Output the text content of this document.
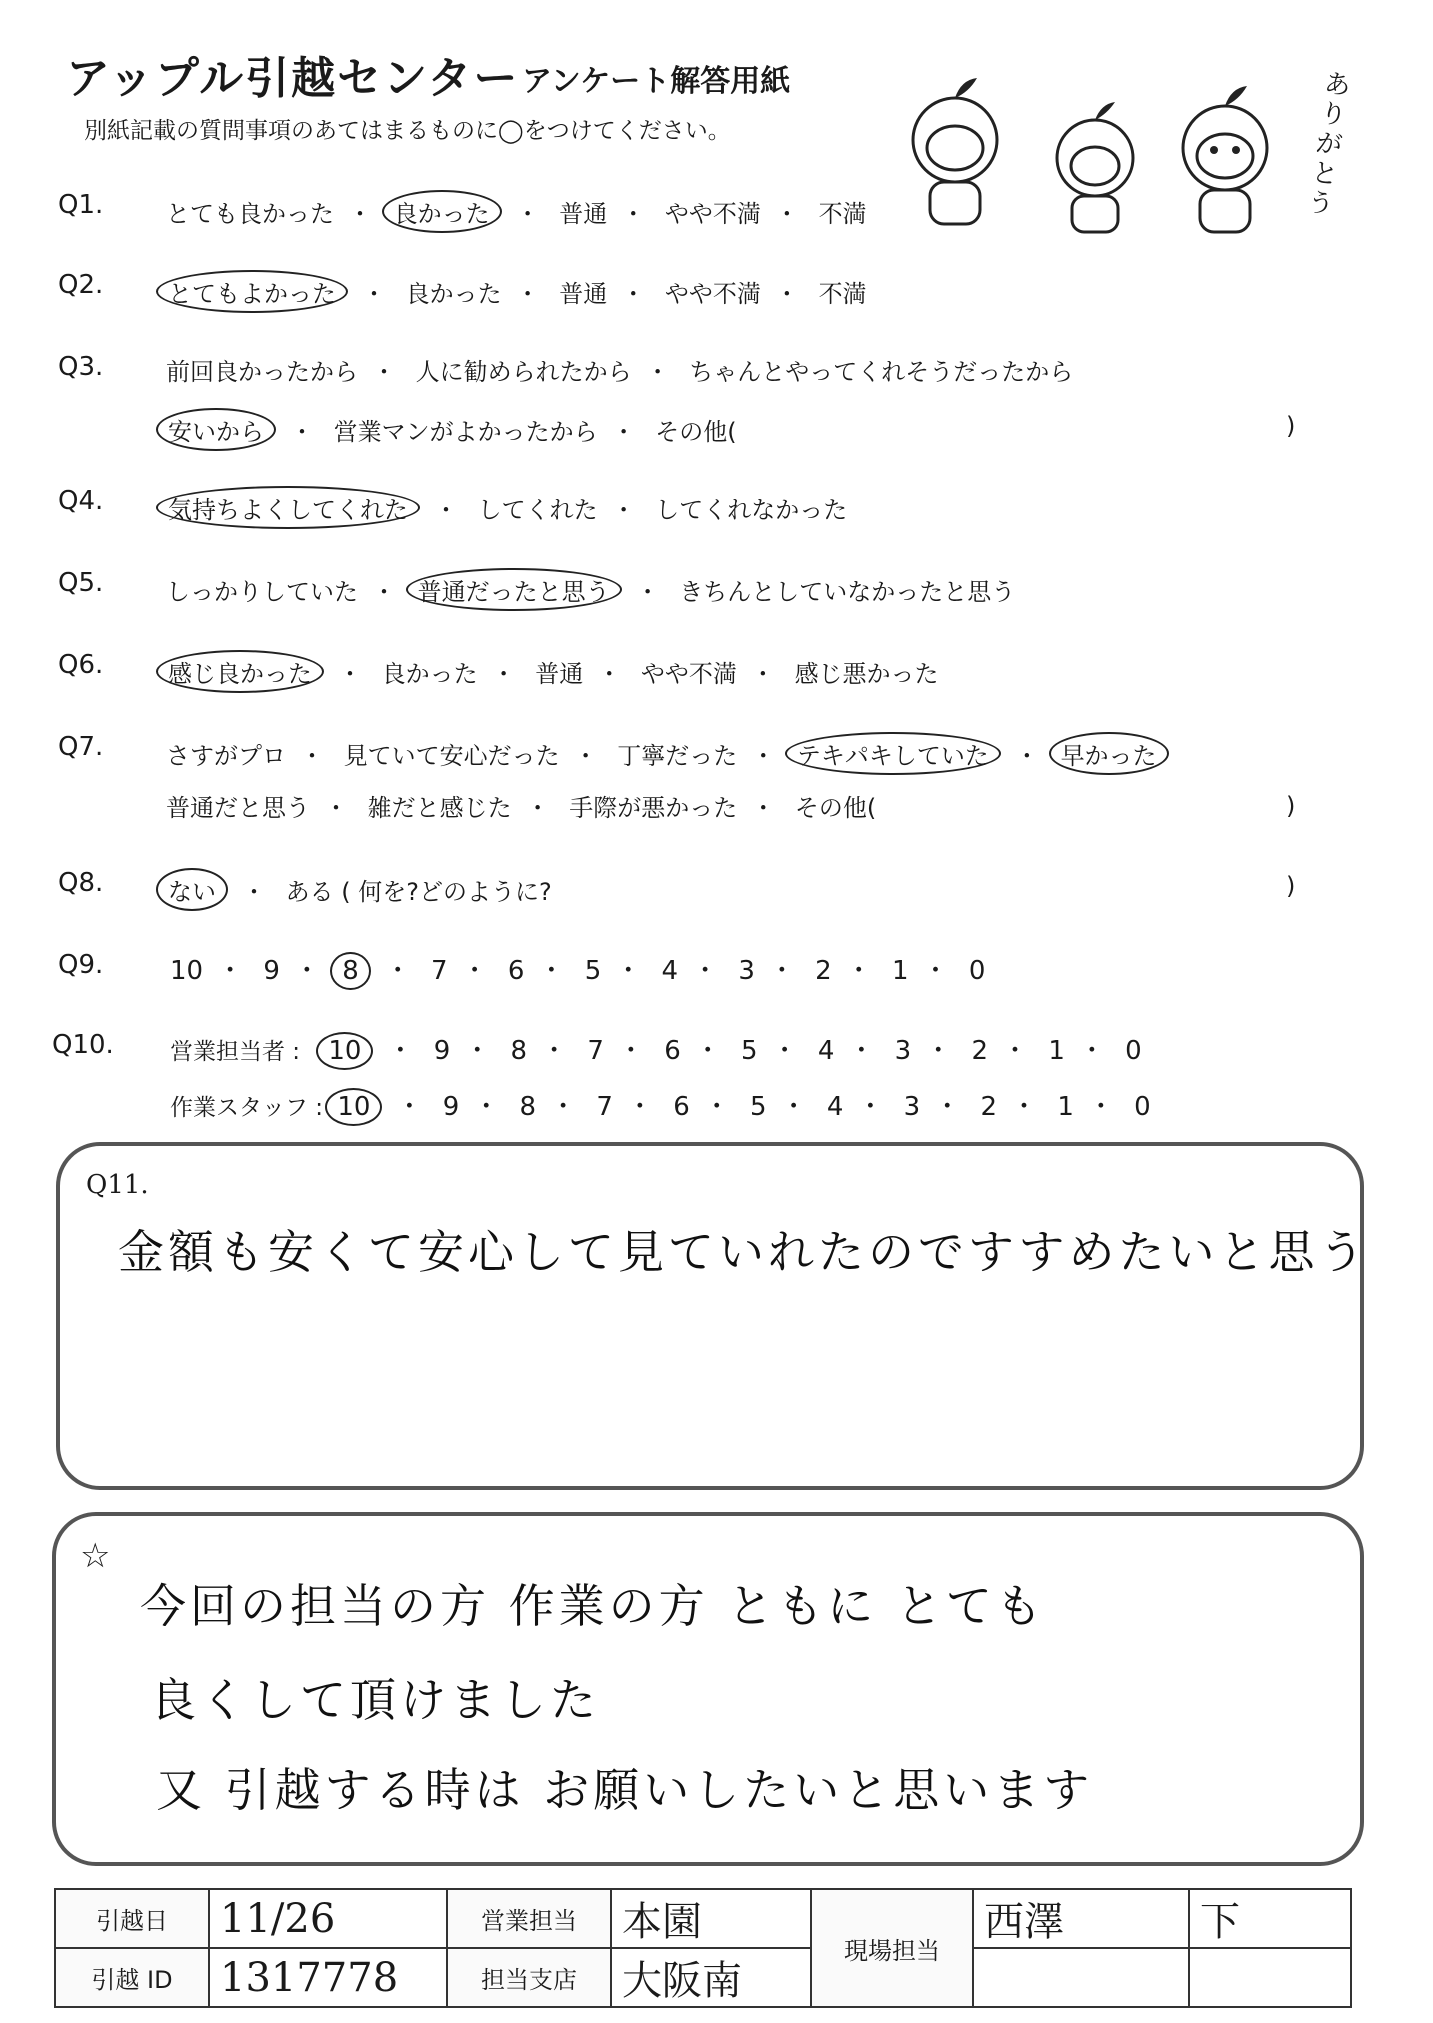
アップル引越センター アンケート解答用紙
別紙記載の質問事項のあてはまるものに◯をつけてください。
ありがとう
Q1.	とても良かった ・ 良かった ・ 普通 ・ やや不満 ・ 不満
Q2.	とてもよかった ・ 良かった ・ 普通 ・ やや不満 ・ 不満
Q3.	前回良かったから ・ 人に勧められたから ・ ちゃんとやってくれそうだったから
安いから ・ 営業マンがよかったから ・ その他(	)
Q4.	気持ちよくしてくれた ・ してくれた ・ してくれなかった
Q5.	しっかりしていた ・ 普通だったと思う ・ きちんとしていなかったと思う
Q6.	感じ良かった ・ 良かった ・ 普通 ・ やや不満 ・ 感じ悪かった
Q7.	さすがプロ ・ 見ていて安心だった ・ 丁寧だった ・ テキパキしていた ・ 早かった
普通だと思う ・ 雑だと感じた ・ 手際が悪かった ・ その他(	)
Q8.	ない ・ ある ( 何を?どのように?	)
Q9.	10 ・ 9 ・ 8 ・ 7 ・ 6 ・ 5 ・ 4 ・ 3 ・ 2 ・ 1 ・ 0
Q10. 営業担当者 : 10 ・ 9 ・ 8 ・ 7 ・ 6 ・ 5 ・ 4 ・ 3 ・ 2 ・ 1 ・ 0
作業スタッフ : 10 ・ 9 ・ 8 ・ 7 ・ 6 ・ 5 ・ 4 ・ 3 ・ 2 ・ 1 ・ 0
Q11.
金額も安くて安心して見ていれたのですすめたいと思う
☆
今回の担当の方 作業の方 ともに とても
良くして頂けました
又 引越する時は お願いしたいと思います
引越日	11/26	営業担当	本園	現場担当	西澤	下
引越 ID	1317778	担当支店	大阪南			
